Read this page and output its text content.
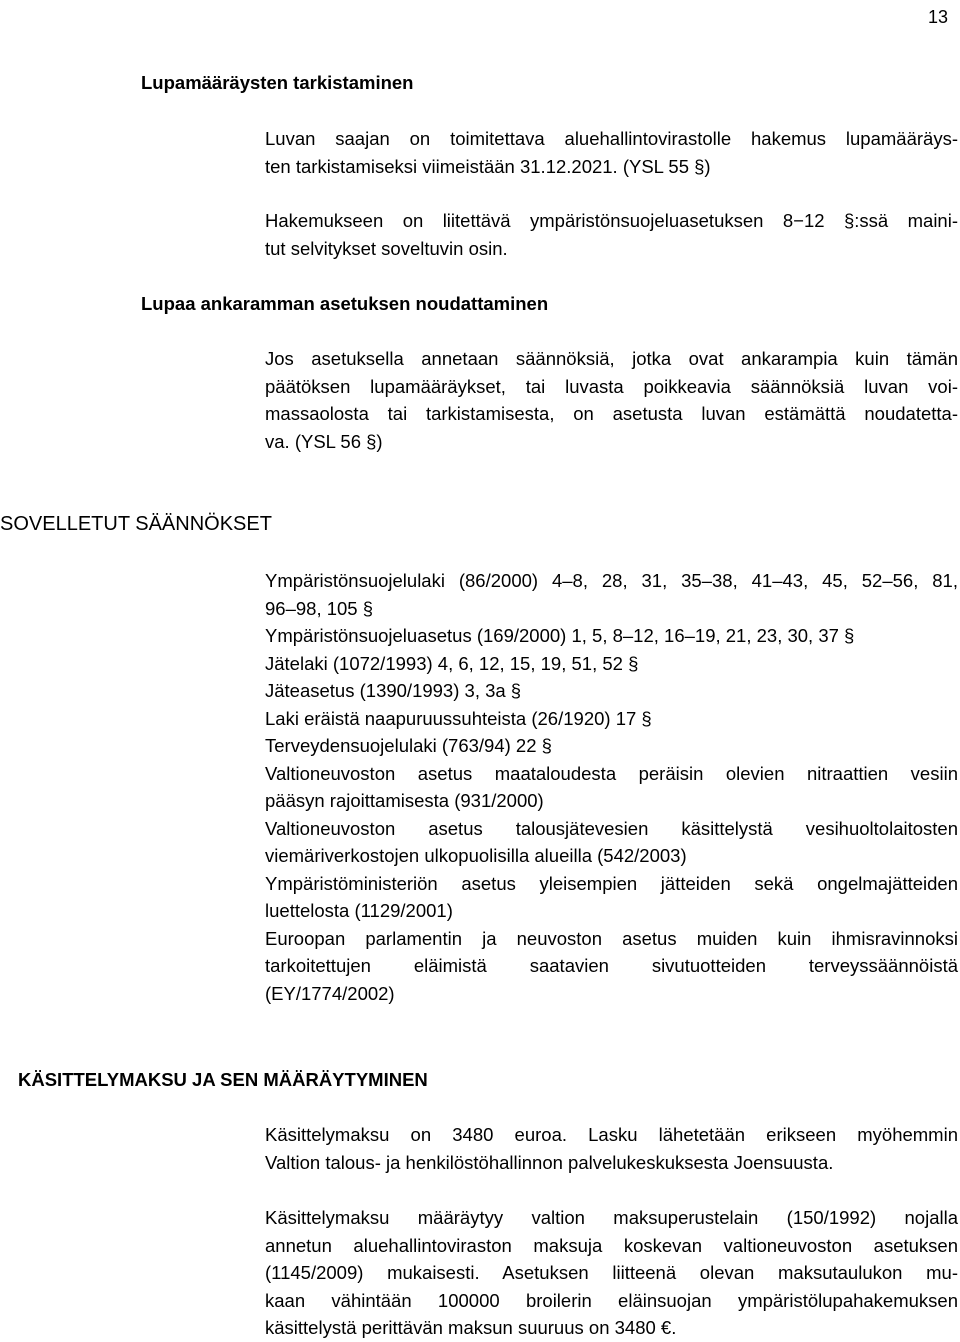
13
Lupamääräysten tarkistaminen
Luvan saajan on toimitettava aluehallintovirastolle hakemus lupamääräys-
ten tarkistamiseksi viimeistään 31.12.2021. (YSL 55 §)
Hakemukseen on liitettävä ympäristönsuojeluasetuksen 8−12 §:ssä maini-
tut selvitykset soveltuvin osin.
Lupaa ankaramman asetuksen noudattaminen
Jos asetuksella annetaan säännöksiä, jotka ovat ankarampia kuin tämän
päätöksen lupamääräykset, tai luvasta poikkeavia säännöksiä luvan voi-
massaolosta tai tarkistamisesta, on asetusta luvan estämättä noudatetta-
va. (YSL 56 §)
SOVELLETUT SÄÄNNÖKSET
Ympäristönsuojelulaki (86/2000) 4–8, 28, 31, 35–38, 41–43, 45, 52–56, 81,
96–98, 105 §
Ympäristönsuojeluasetus (169/2000) 1, 5, 8–12, 16–19, 21, 23, 30, 37 §
Jätelaki (1072/1993) 4, 6, 12, 15, 19, 51, 52 §
Jäteasetus (1390/1993) 3, 3a §
Laki eräistä naapuruussuhteista (26/1920) 17 §
Terveydensuojelulaki (763/94) 22 §
Valtioneuvoston asetus maataloudesta peräisin olevien nitraattien vesiin
pääsyn rajoittamisesta (931/2000)
Valtioneuvoston asetus talousjätevesien käsittelystä vesihuoltolaitosten
viemäriverkostojen ulkopuolisilla alueilla (542/2003)
Ympäristöministeriön asetus yleisempien jätteiden sekä ongelmajätteiden
luettelosta (1129/2001)
Euroopan parlamentin ja neuvoston asetus muiden kuin ihmisravinnoksi
tarkoitettujen eläimistä saatavien sivutuotteiden terveyssäännöistä
(EY/1774/2002)
KÄSITTELYMAKSU JA SEN MÄÄRÄYTYMINEN
Käsittelymaksu on 3480 euroa. Lasku lähetetään erikseen myöhemmin
Valtion talous- ja henkilöstöhallinnon palvelukeskuksesta Joensuusta.
Käsittelymaksu määräytyy valtion maksuperustelain (150/1992) nojalla
annetun aluehallintoviraston maksuja koskevan valtioneuvoston asetuksen
(1145/2009) mukaisesti. Asetuksen liitteenä olevan maksutaulukon mu-
kaan vähintään 100000 broilerin eläinsuojan ympäristölupahakemuksen
käsittelystä perittävän maksun suuruus on 3480 €.
